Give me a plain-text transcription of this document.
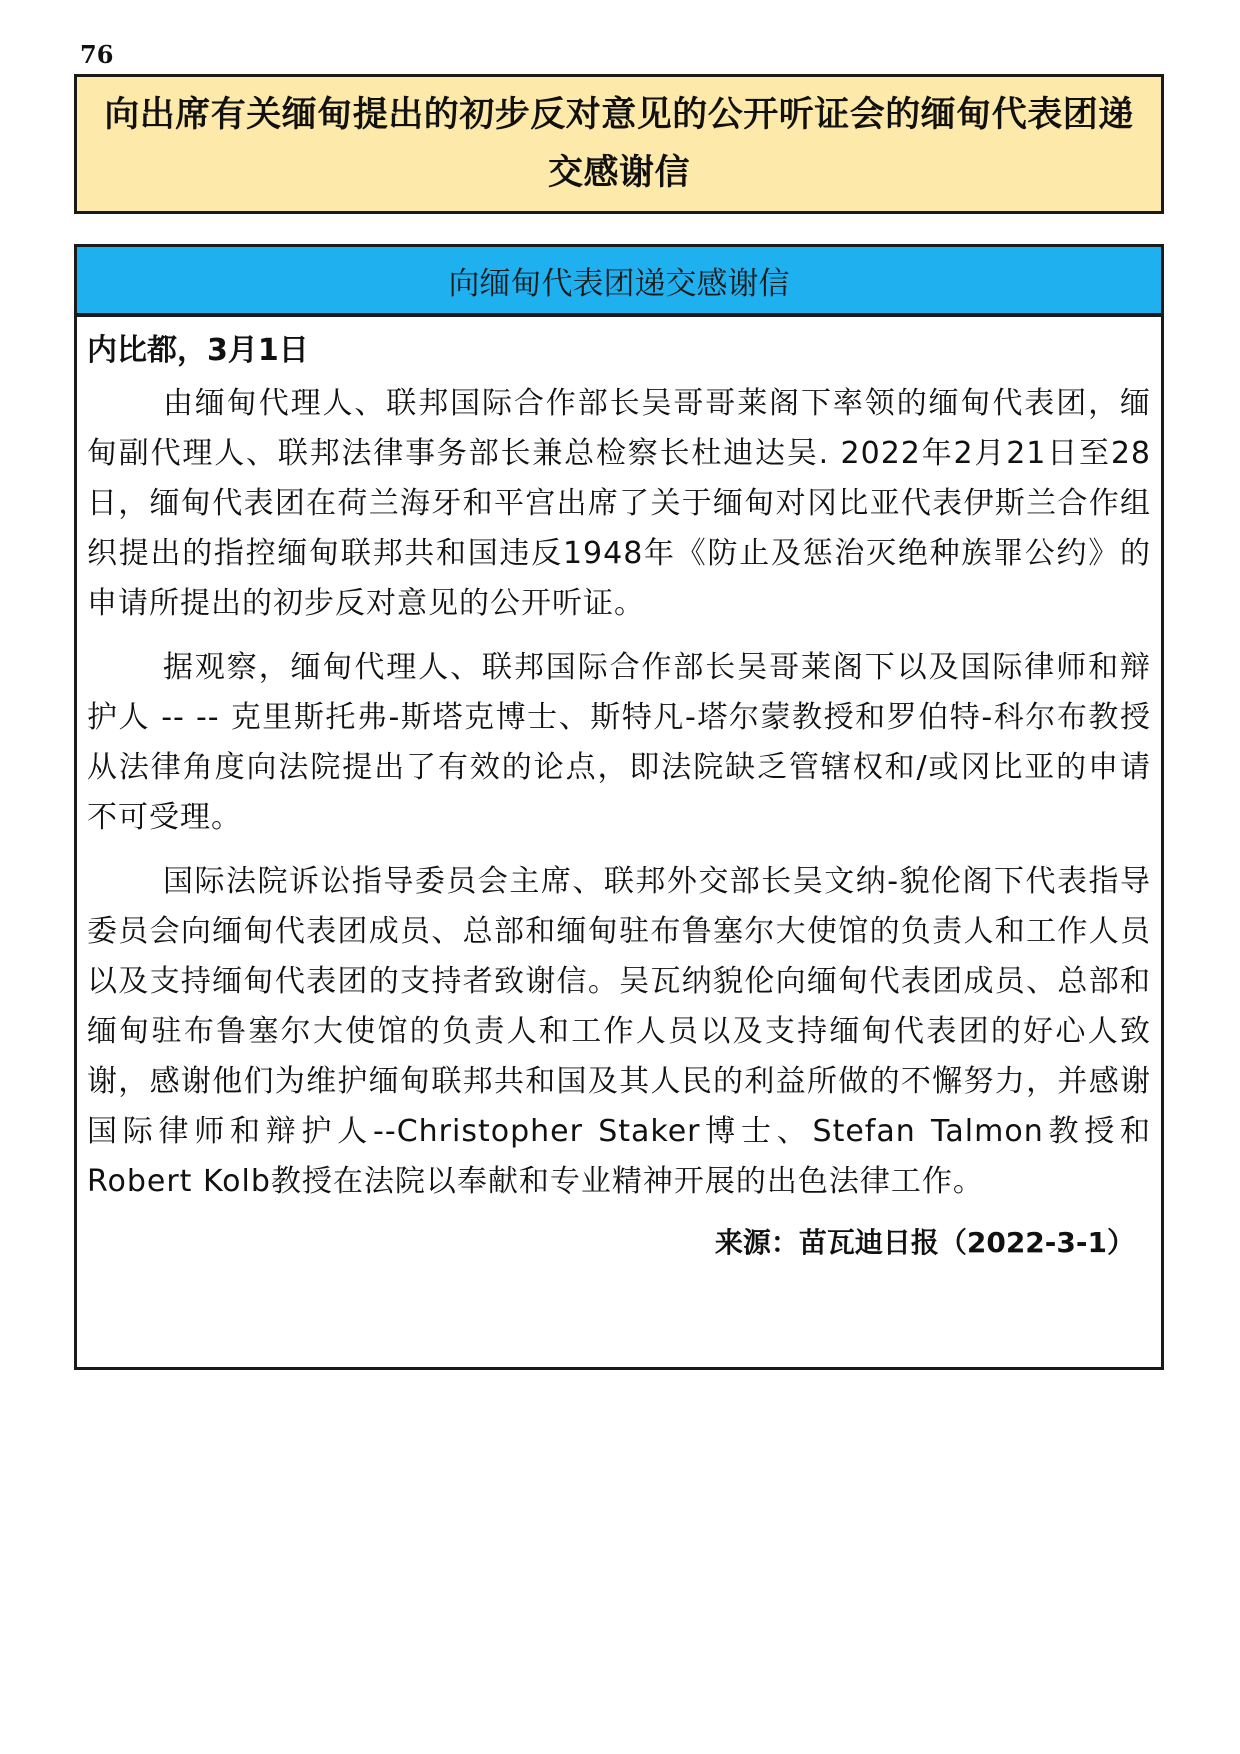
76
向出席有关缅甸提出的初步反对意见的公开听证会的缅甸代表团递交感谢信
向缅甸代表团递交感谢信
内比都，3月1日

由缅甸代理人、联邦国际合作部长吴哥哥莱阁下率领的缅甸代表团，缅甸副代理人、联邦法律事务部长兼总检察长杜迪达吴. 2022年2月21日至28日，缅甸代表团在荷兰海牙和平宫出席了关于缅甸对冈比亚代表伊斯兰合作组织提出的指控缅甸联邦共和国违反1948年《防止及惩治灭绝种族罪公约》的申请所提出的初步反对意见的公开听证。

据观察，缅甸代理人、联邦国际合作部长吴哥莱阁下以及国际律师和辩护人 -- -- 克里斯托弗-斯塔克博士、斯特凡-塔尔蒙教授和罗伯特-科尔布教授从法律角度向法院提出了有效的论点，即法院缺乏管辖权和/或冈比亚的申请不可受理。

国际法院诉讼指导委员会主席、联邦外交部长吴文纳-貌伦阁下代表指导委员会向缅甸代表团成员、总部和缅甸驻布鲁塞尔大使馆的负责人和工作人员以及支持缅甸代表团的支持者致谢信。吴瓦纳貌伦向缅甸代表团成员、总部和缅甸驻布鲁塞尔大使馆的负责人和工作人员以及支持缅甸代表团的好心人致谢，感谢他们为维护缅甸联邦共和国及其人民的利益所做的不懈努力，并感谢国际律师和辩护人--Christopher Staker博士、Stefan Talmon教授和Robert Kolb教授在法院以奉献和专业精神开展的出色法律工作。

来源：苗瓦迪日报（2022-3-1）
